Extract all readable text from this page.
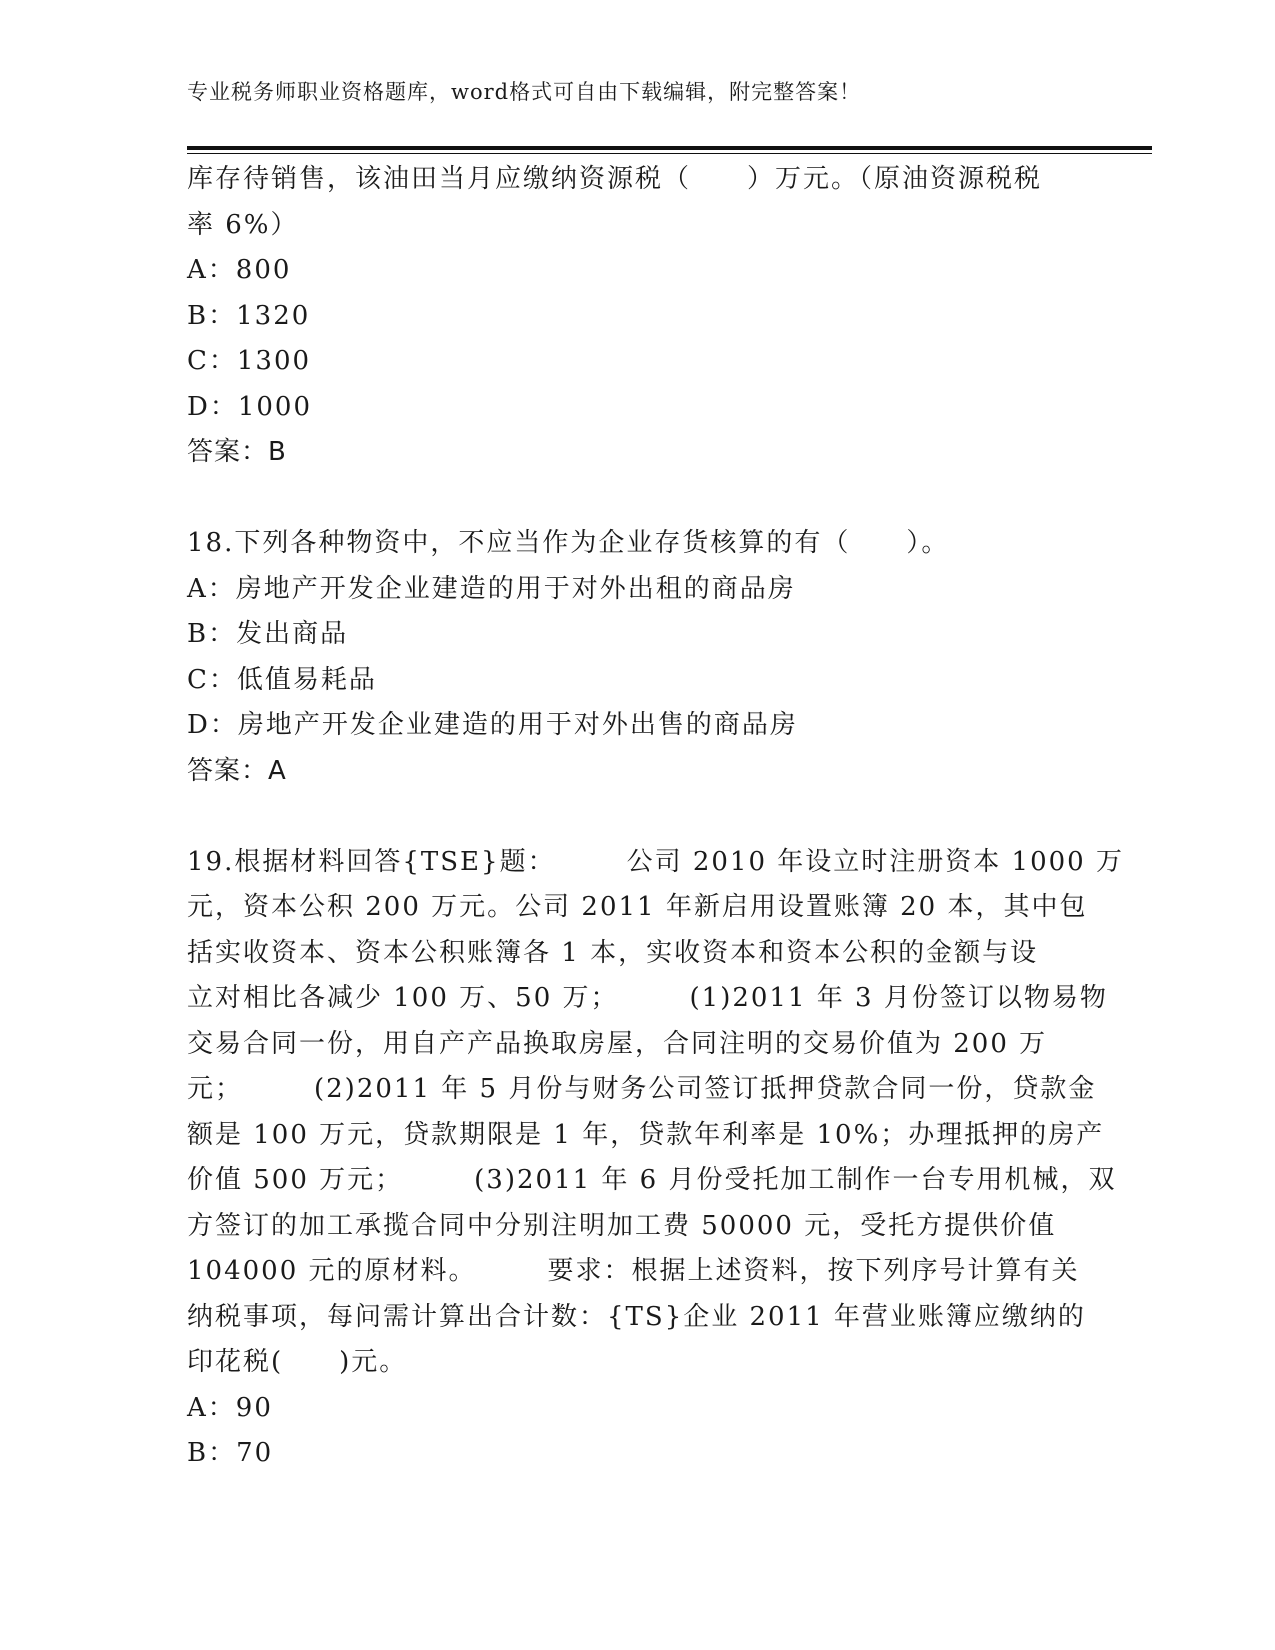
专业税务师职业资格题库，word格式可自由下载编辑，附完整答案！
库存待销售，该油田当月应缴纳资源税（　　）万元。（原油资源税税
率 6%）
A：800
B：1320
C：1300
D：1000
答案：B
18.下列各种物资中，不应当作为企业存货核算的有（　　）。
A：房地产开发企业建造的用于对外出租的商品房
B：发出商品
C：低值易耗品
D：房地产开发企业建造的用于对外出售的商品房
答案：A
19.根据材料回答{TSE}题：　　　公司 2010 年设立时注册资本 1000 万
元，资本公积 200 万元。公司 2011 年新启用设置账簿 20 本，其中包
括实收资本、资本公积账簿各 1 本，实收资本和资本公积的金额与设
立对相比各减少 100 万、50 万；　　　(1)2011 年 3 月份签订以物易物
交易合同一份，用自产产品换取房屋，合同注明的交易价值为 200 万
元；　　　(2)2011 年 5 月份与财务公司签订抵押贷款合同一份，贷款金
额是 100 万元，贷款期限是 1 年，贷款年利率是 10%；办理抵押的房产
价值 500 万元；　　　(3)2011 年 6 月份受托加工制作一台专用机械，双
方签订的加工承揽合同中分别注明加工费 50000 元，受托方提供价值
104000 元的原材料。　　　要求：根据上述资料，按下列序号计算有关
纳税事项，每问需计算出合计数：{TS}企业 2011 年营业账簿应缴纳的
印花税(　　)元。
A：90
B：70
